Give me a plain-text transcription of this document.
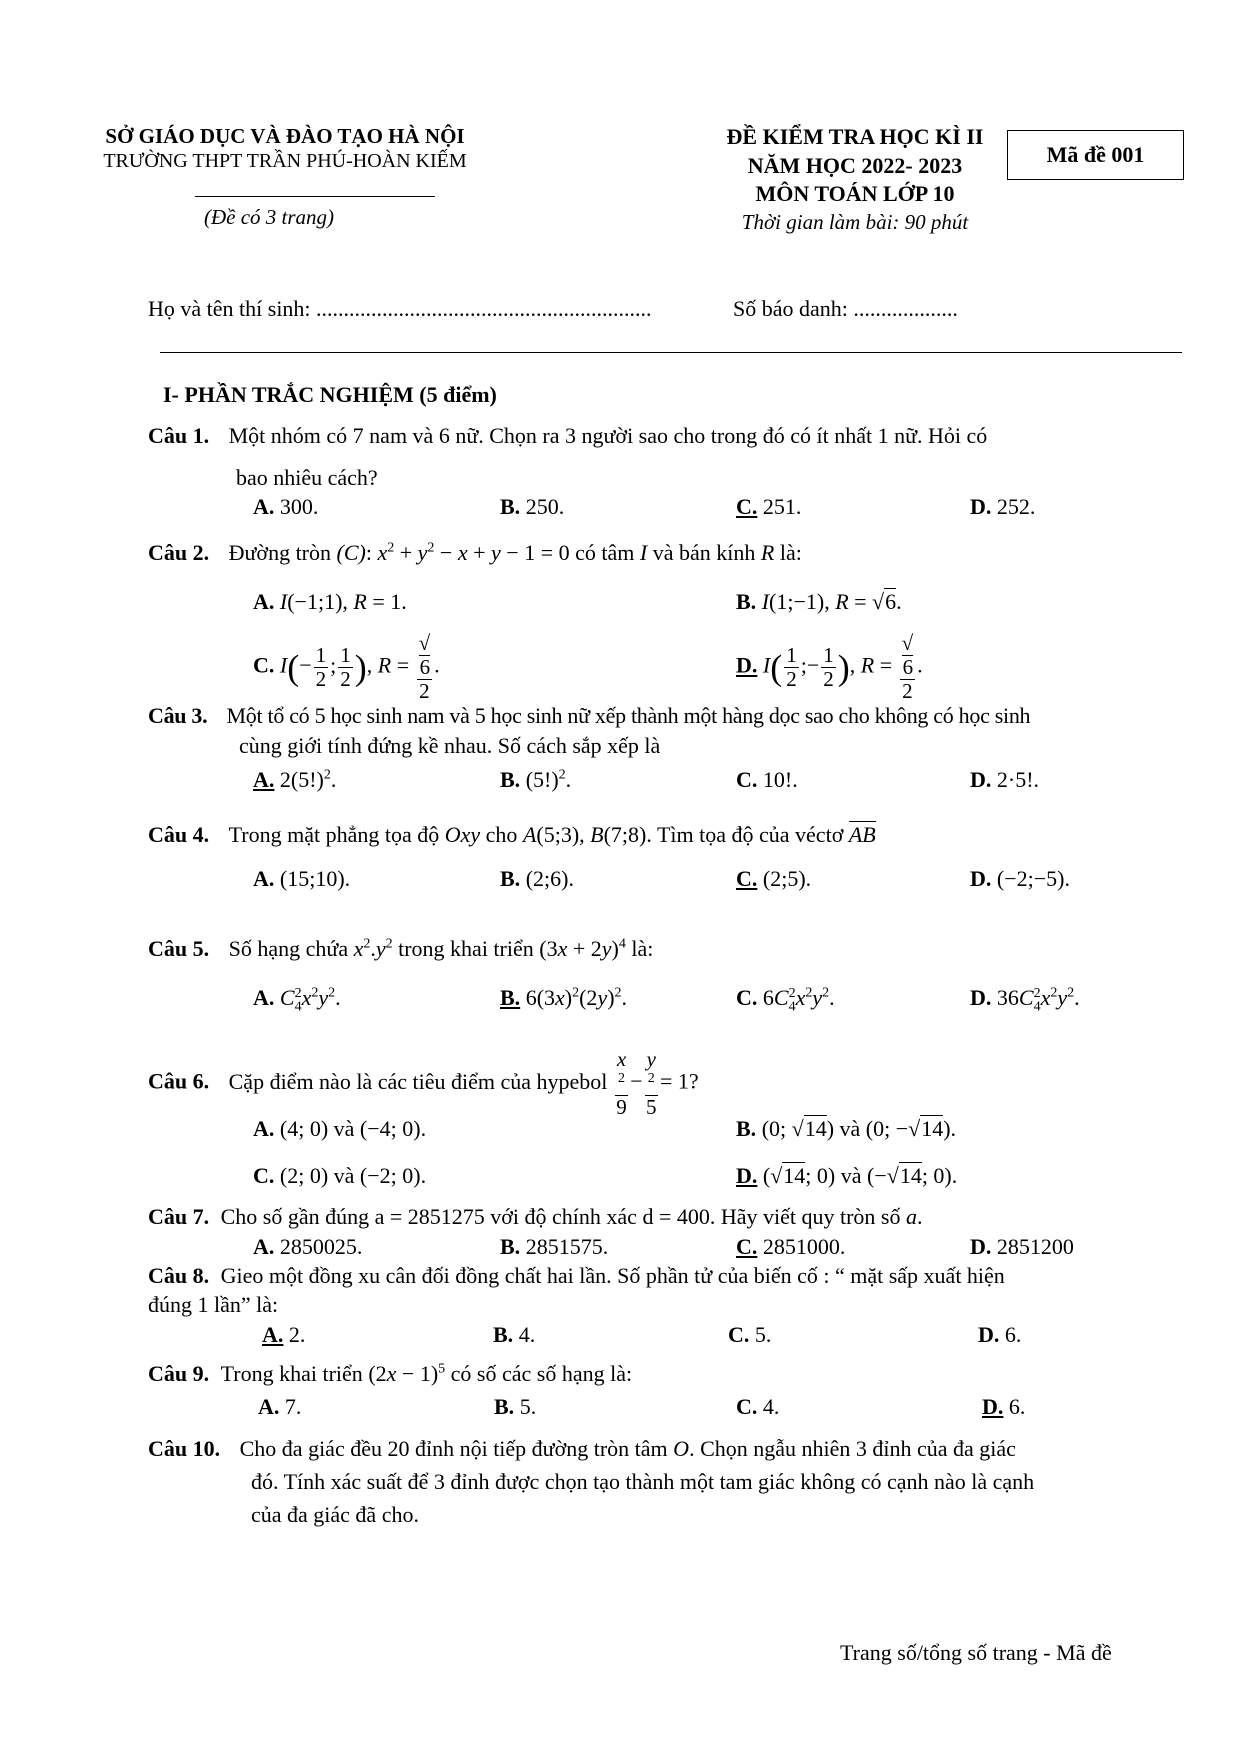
SỞ GIÁO DỤC VÀ ĐÀO TẠO HÀ NỘI
TRƯỜNG THPT TRẦN PHÚ-HOÀN KIẾM
(Đề có 3 trang)
ĐỀ KIỂM TRA HỌC KÌ II
NĂM HỌC 2022- 2023
MÔN TOÁN LỚP 10
Thời gian làm bài: 90 phút
Mã đề 001
Họ và tên thí sinh: .............................................................	Số báo danh: ...................
I- PHẦN TRẮC NGHIỆM (5 điểm)
Câu 1. Một nhóm có 7 nam và 6 nữ. Chọn ra 3 người sao cho trong đó có ít nhất 1 nữ. Hỏi có
bao nhiêu cách?
A. 300.	B. 250.	C. 251.	D. 252.
Câu 2. Đường tròn (C): $x^2 + y^2 - x + y - 1 = 0$ có tâm I và bán kính R là:
A. I(−1;1), R = 1.	B. I(1;−1), R = √6.
C. $I(- \frac{1}{2}$ ; $\frac{1}{2}$ ), R = √
6
2 .	D. $I( \frac{1}{2}$ ;− $\frac{1}{2}$ ), R = √
6
2 .
Câu 3. Một tổ có 5 học sinh nam và 5 học sinh nữ xếp thành một hàng dọc sao cho không có học sinh
cùng giới tính đứng kề nhau. Số cách sắp xếp là
A. $2(5!)^2$.	B. $(5!)^2$.	C. 10!.	D. 2·5!.
Câu 4. Trong mặt phẳng tọa độ Oxy cho A(5;3), B(7;8). Tìm tọa độ của véctơ AB
A. (15;10).	B. (2;6).	C. (2;5).	D. (−2;−5).
Câu 5. Số hạng chứa $x^2.y^2$ trong khai triển $(3x + 2y)^4$ là:
A. $C_4^2x^2y^2$.	B. $6(3x)^2(2y)^2$.	C. $6C_4^2x^2y^2$.	D. $36C_4^2x^2y^2$.
Câu 6. Cặp điểm nào là các tiêu điểm của hypebol x
$^2$
9 − y
$^2$
5 = 1?
A. (4; 0) và (−4; 0).	B. (0; √14) và (0; −√14).
C. (2; 0) và (−2; 0).	D. (√14; 0) và (−√14; 0).
Câu 7. Cho số gần đúng a = 2851275 với độ chính xác d = 400. Hãy viết quy tròn số a.
A. 2850025.	B. 2851575.	C. 2851000.	D. 2851200
Câu 8. Gieo một đồng xu cân đối đồng chất hai lần. Số phần tử của biến cố : “ mặt sấp xuất hiện
đúng 1 lần” là:
A. 2.	B. 4.	C. 5.	D. 6.
Câu 9. Trong khai triển $(2x - 1)^5$ có số các số hạng là:
A. 7.	B. 5.	C. 4.	D. 6.
Câu 10. Cho đa giác đều 20 đỉnh nội tiếp đường tròn tâm O. Chọn ngẫu nhiên 3 đỉnh của đa giác
đó. Tính xác suất để 3 đỉnh được chọn tạo thành một tam giác không có cạnh nào là cạnh
của đa giác đã cho.
Trang số/tổng số trang - Mã đề
